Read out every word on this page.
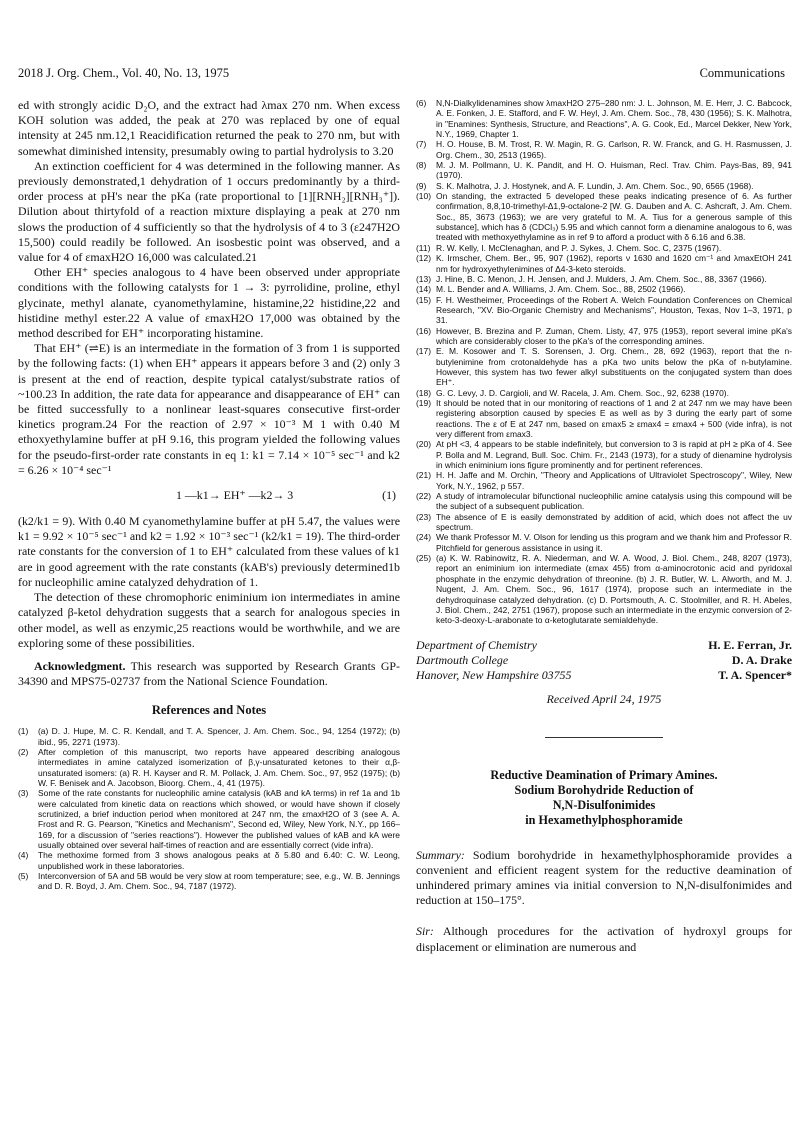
2018 J. Org. Chem., Vol. 40, No. 13, 1975	Communications

ed with strongly acidic D₂O, and the extract had λmax 270 nm. When excess KOH solution was added, the peak at 270 was replaced by one of equal intensity at 245 nm.12,1 Reacidification returned the peak to 270 nm, but with somewhat diminished intensity, presumably owing to partial hydrolysis to 3.20

An extinction coefficient for 4 was determined in the following manner. As previously demonstrated,1 dehydration of 1 occurs predominantly by a third-order process at pH's near the pKa (rate proportional to [1][RNH₂][RNH₃⁺]). Dilution about thirtyfold of a reaction mixture displaying a peak at 270 nm slows the production of 4 sufficiently so that the hydrolysis of 4 to 3 (ε247H2O 15,500) could readily be followed. An isosbestic point was observed, and a value for 4 of εmaxH2O 16,000 was calculated.21

Other EH⁺ species analogous to 4 have been observed under appropriate conditions with the following catalysts for 1 → 3: pyrrolidine, proline, ethyl glycinate, methyl alanate, cyanomethylamine, histamine,22 histidine,22 and histidine methyl ester.22 A value of εmaxH2O 17,000 was obtained by the method described for EH⁺ incorporating histamine.

That EH⁺ (⇌E) is an intermediate in the formation of 3 from 1 is supported by the following facts: (1) when EH⁺ appears it appears before 3 and (2) only 3 is present at the end of reaction, despite typical catalyst/substrate ratios of ~100.23 In addition, the rate data for appearance and disappearance of EH⁺ can be fitted successfully to a nonlinear least-squares consecutive first-order kinetics program.24 For the reaction of 2.97 × 10⁻³ M 1 with 0.40 M ethoxyethylamine buffer at pH 9.16, this program yielded the following values for the pseudo-first-order rate constants in eq 1: k1 = 7.14 × 10⁻⁵ sec⁻¹ and k2 = 6.26 × 10⁻⁴ sec⁻¹

1 —k1→ EH⁺ —k2→ 3	(1)

(k2/k1 = 9). With 0.40 M cyanomethylamine buffer at pH 5.47, the values were k1 = 9.92 × 10⁻⁵ sec⁻¹ and k2 = 1.92 × 10⁻³ sec⁻¹ (k2/k1 = 19). The third-order rate constants for the conversion of 1 to EH⁺ calculated from these values of k1 are in good agreement with the rate constants (kAB's) previously determined1b for nucleophilic amine catalyzed dehydration of 1.

The detection of these chromophoric eniminium ion intermediates in amine catalyzed β-ketol dehydration suggests that a search for analogous species in other model, as well as enzymic,25 reactions would be worthwhile, and we are exploring some of these possibilities.

Acknowledgment. This research was supported by Research Grants GP-34390 and MPS75-02737 from the National Science Foundation.

References and Notes
(1) (a) D. J. Hupe, M. C. R. Kendall, and T. A. Spencer, J. Am. Chem. Soc., 94, 1254 (1972); (b) ibid., 95, 2271 (1973).
(2) After completion of this manuscript, two reports have appeared describing analogous intermediates in amine catalyzed isomerization of β,γ-unsaturated ketones to their α,β-unsaturated isomers: (a) R. H. Kayser and R. M. Pollack, J. Am. Chem. Soc., 97, 952 (1975); (b) W. F. Benisek and A. Jacobson, Bioorg. Chem., 4, 41 (1975).
(3) Some of the rate constants for nucleophilic amine catalysis (kAB and kA terms) in ref 1a and 1b were calculated from kinetic data on reactions which showed, or would have shown if closely scrutinized, a brief induction period when monitored at 247 nm, the εmaxH2O of 3 (see A. A. Frost and R. G. Pearson, "Kinetics and Mechanism", Second ed, Wiley, New York, N.Y., pp 166–169, for a discussion of "series reactions"). However the published values of kAB and kA were usually obtained over several half-times of reaction and are essentially correct (vide infra).
(4) The methoxime formed from 3 shows analogous peaks at δ 5.80 and 6.40: C. W. Leong, unpublished work in these laboratories.
(5) Interconversion of 5A and 5B would be very slow at room temperature; see, e.g., W. B. Jennings and D. R. Boyd, J. Am. Chem. Soc., 94, 7187 (1972).
(6) N,N-Dialkylidenamines show λmaxH2O 275–280 nm: J. L. Johnson, M. E. Herr, J. C. Babcock, A. E. Fonken, J. E. Stafford, and F. W. Heyl, J. Am. Chem. Soc., 78, 430 (1956); S. K. Malhotra, in "Enamines: Synthesis, Structure, and Reactions", A. G. Cook, Ed., Marcel Dekker, New York, N.Y., 1969, Chapter 1.
(7) H. O. House, B. M. Trost, R. W. Magin, R. G. Carlson, R. W. Franck, and G. H. Rasmussen, J. Org. Chem., 30, 2513 (1965).
(8) M. J. M. Pollmann, U. K. Pandit, and H. O. Huisman, Recl. Trav. Chim. Pays-Bas, 89, 941 (1970).
(9) S. K. Malhotra, J. J. Hostynek, and A. F. Lundin, J. Am. Chem. Soc., 90, 6565 (1968).
(10) On standing, the extracted 5 developed these peaks indicating presence of 6. As further confirmation, 8,8,10-trimethyl-Δ1,9-octalone-2 [W. G. Dauben and A. C. Ashcraft, J. Am. Chem. Soc., 85, 3673 (1963); we are very grateful to M. A. Tius for a generous sample of this substance], which has δ (CDCl₃) 5.95 and which cannot form a dienamine analogous to 6, was treated with methoxyethylamine as in ref 9 to afford a product with δ 6.16 and 6.38.
(11) R. W. Kelly, I. McClenaghan, and P. J. Sykes, J. Chem. Soc. C, 2375 (1967).
(12) K. Irmscher, Chem. Ber., 95, 907 (1962), reports ν 1630 and 1620 cm⁻¹ and λmaxEtOH 241 nm for hydroxyethylenimines of Δ4-3-keto steroids.
(13) J. Hine, B. C. Menon, J. H. Jensen, and J. Mulders, J. Am. Chem. Soc., 88, 3367 (1966).
(14) M. L. Bender and A. Williams, J. Am. Chem. Soc., 88, 2502 (1966).
(15) F. H. Westheimer, Proceedings of the Robert A. Welch Foundation Conferences on Chemical Research, "XV. Bio-Organic Chemistry and Mechanisms", Houston, Texas, Nov 1–3, 1971, p 31.
(16) However, B. Brezina and P. Zuman, Chem. Listy, 47, 975 (1953), report several imine pKa's which are considerably closer to the pKa's of the corresponding amines.
(17) E. M. Kosower and T. S. Sorensen, J. Org. Chem., 28, 692 (1963), report that the n-butylenimine from crotonaldehyde has a pKa two units below the pKa of n-butylamine. However, this system has two fewer alkyl substituents on the conjugated system than does EH⁺.
(18) G. C. Levy, J. D. Cargioli, and W. Racela, J. Am. Chem. Soc., 92, 6238 (1970).
(19) It should be noted that in our monitoring of reactions of 1 and 2 at 247 nm we may have been registering absorption caused by species E as well as by 3 during the early part of some reactions. The ε of E at 247 nm, based on εmax5 ≥ εmax4 = εmax4 + 500 (vide infra), is not very different from εmax3.
(20) At pH <3, 4 appears to be stable indefinitely, but conversion to 3 is rapid at pH ≥ pKa of 4. See P. Bolla and M. Legrand, Bull. Soc. Chim. Fr., 2143 (1973), for a study of dienamine hydrolysis in which eniminium ions figure prominently and for pertinent references.
(21) H. H. Jaffe and M. Orchin, "Theory and Applications of Ultraviolet Spectroscopy", Wiley, New York, N.Y., 1962, p 557.
(22) A study of intramolecular bifunctional nucleophilic amine catalysis using this compound will be the subject of a subsequent publication.
(23) The absence of E is easily demonstrated by addition of acid, which does not affect the uv spectrum.
(24) We thank Professor M. V. Olson for lending us this program and we thank him and Professor R. Pitchfield for generous assistance in using it.
(25) (a) K. W. Rabinowitz, R. A. Niederman, and W. A. Wood, J. Biol. Chem., 248, 8207 (1973), report an eniminium ion intermediate (εmax 455) from α-aminocrotonic acid and pyridoxal phosphate in the enzymic dehydration of threonine. (b) J. R. Butler, W. L. Alworth, and M. J. Nugent, J. Am. Chem. Soc., 96, 1617 (1974), propose such an intermediate in the dehydroquinase catalyzed dehydration. (c) D. Portsmouth, A. C. Stoolmiller, and R. H. Abeles, J. Biol. Chem., 242, 2751 (1967), propose such an intermediate in the enzymic conversion of 2-keto-3-deoxy-L-arabonate to α-ketoglutarate semialdehyde.
Department of Chemistry
Dartmouth College
Hanover, New Hampshire 03755
H. E. Ferran, Jr.
D. A. Drake
T. A. Spencer*
Received April 24, 1975
Reductive Deamination of Primary Amines.
Sodium Borohydride Reduction of
N,N-Disulfonimides
in Hexamethylphosphoramide

Summary: Sodium borohydride in hexamethylphosphoramide provides a convenient and efficient reagent system for the reductive deamination of unhindered primary amines via initial conversion to N,N-disulfonimides and reduction at 150–175°.

Sir: Although procedures for the activation of hydroxyl groups for displacement or elimination are numerous and
